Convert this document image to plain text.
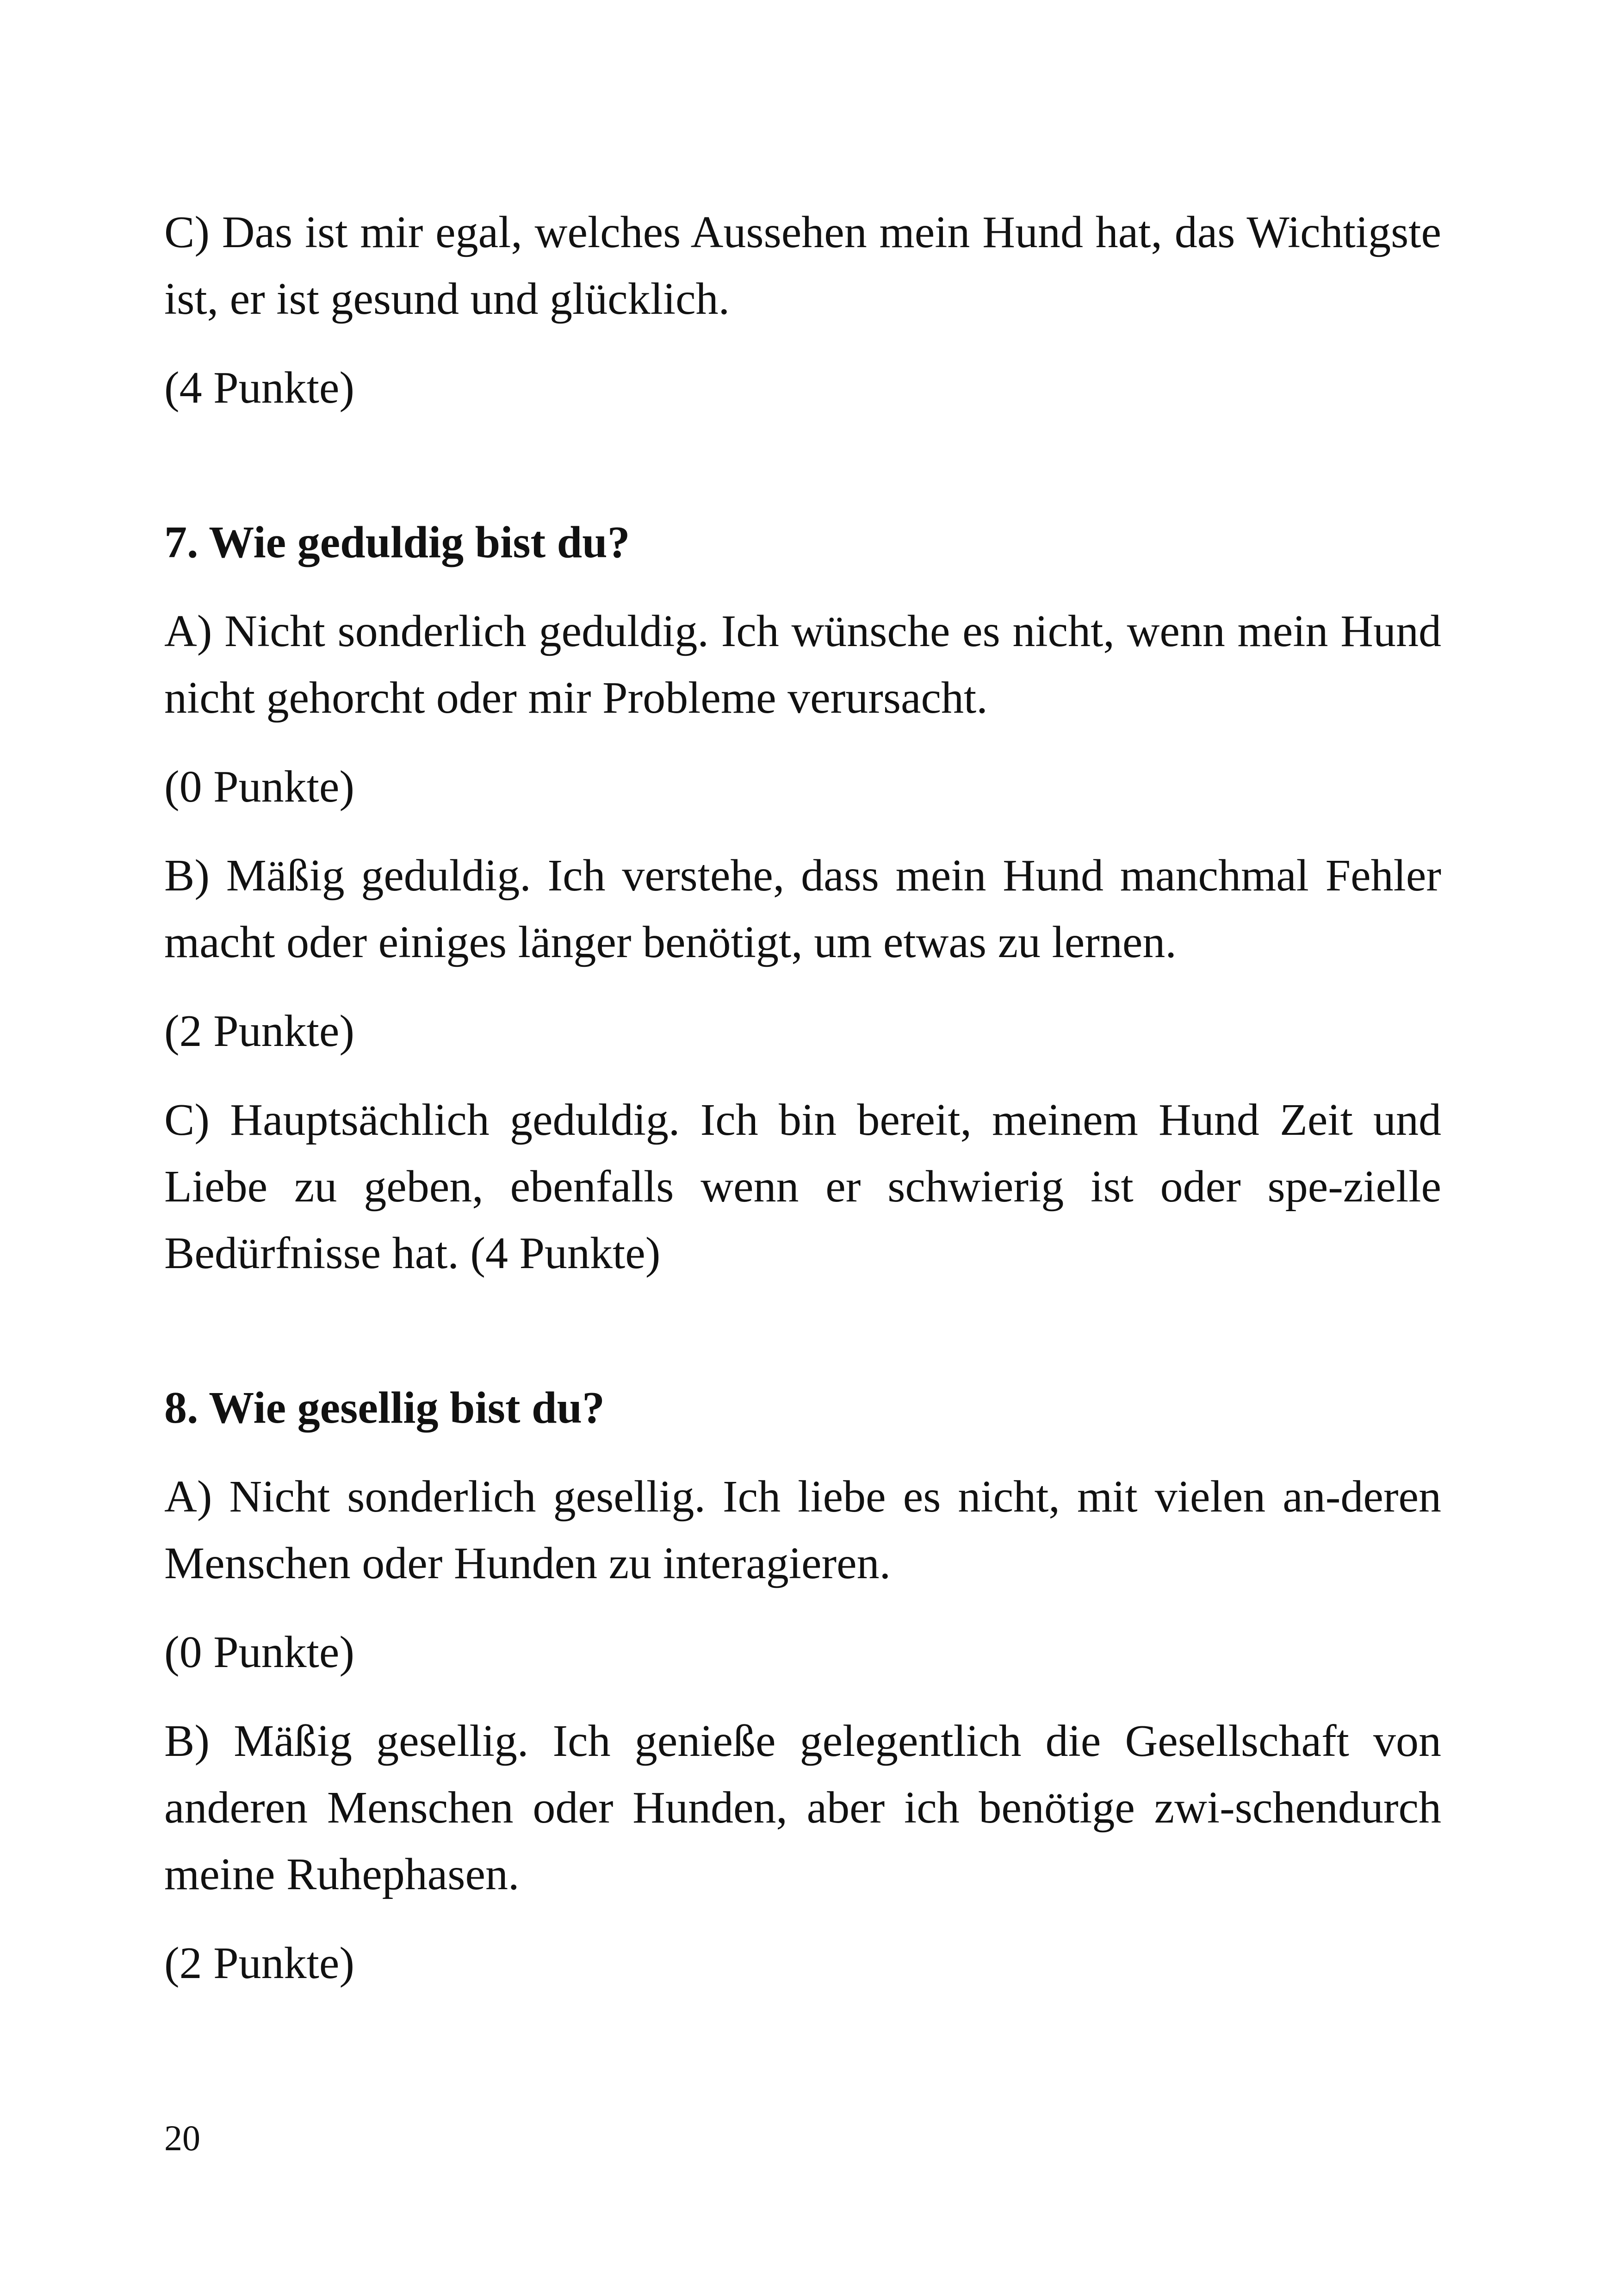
C) Das ist mir egal, welches Aussehen mein Hund hat, das Wichtigste ist, er ist gesund und glücklich.

(4 Punkte)

7. Wie geduldig bist du?

A) Nicht sonderlich geduldig. Ich wünsche es nicht, wenn mein Hund nicht gehorcht oder mir Probleme verursacht.

(0 Punkte)

B) Mäßig geduldig. Ich verstehe, dass mein Hund manchmal Fehler macht oder einiges länger benötigt, um etwas zu lernen.

(2 Punkte)

C) Hauptsächlich geduldig. Ich bin bereit, meinem Hund Zeit und Liebe zu geben, ebenfalls wenn er schwierig ist oder spe-zielle Bedürfnisse hat. (4 Punkte)

8. Wie gesellig bist du?

A) Nicht sonderlich gesellig. Ich liebe es nicht, mit vielen an-deren Menschen oder Hunden zu interagieren.

(0 Punkte)

B) Mäßig gesellig. Ich genieße gelegentlich die Gesellschaft von anderen Menschen oder Hunden, aber ich benötige zwi-schendurch meine Ruhephasen.

(2 Punkte)

20
